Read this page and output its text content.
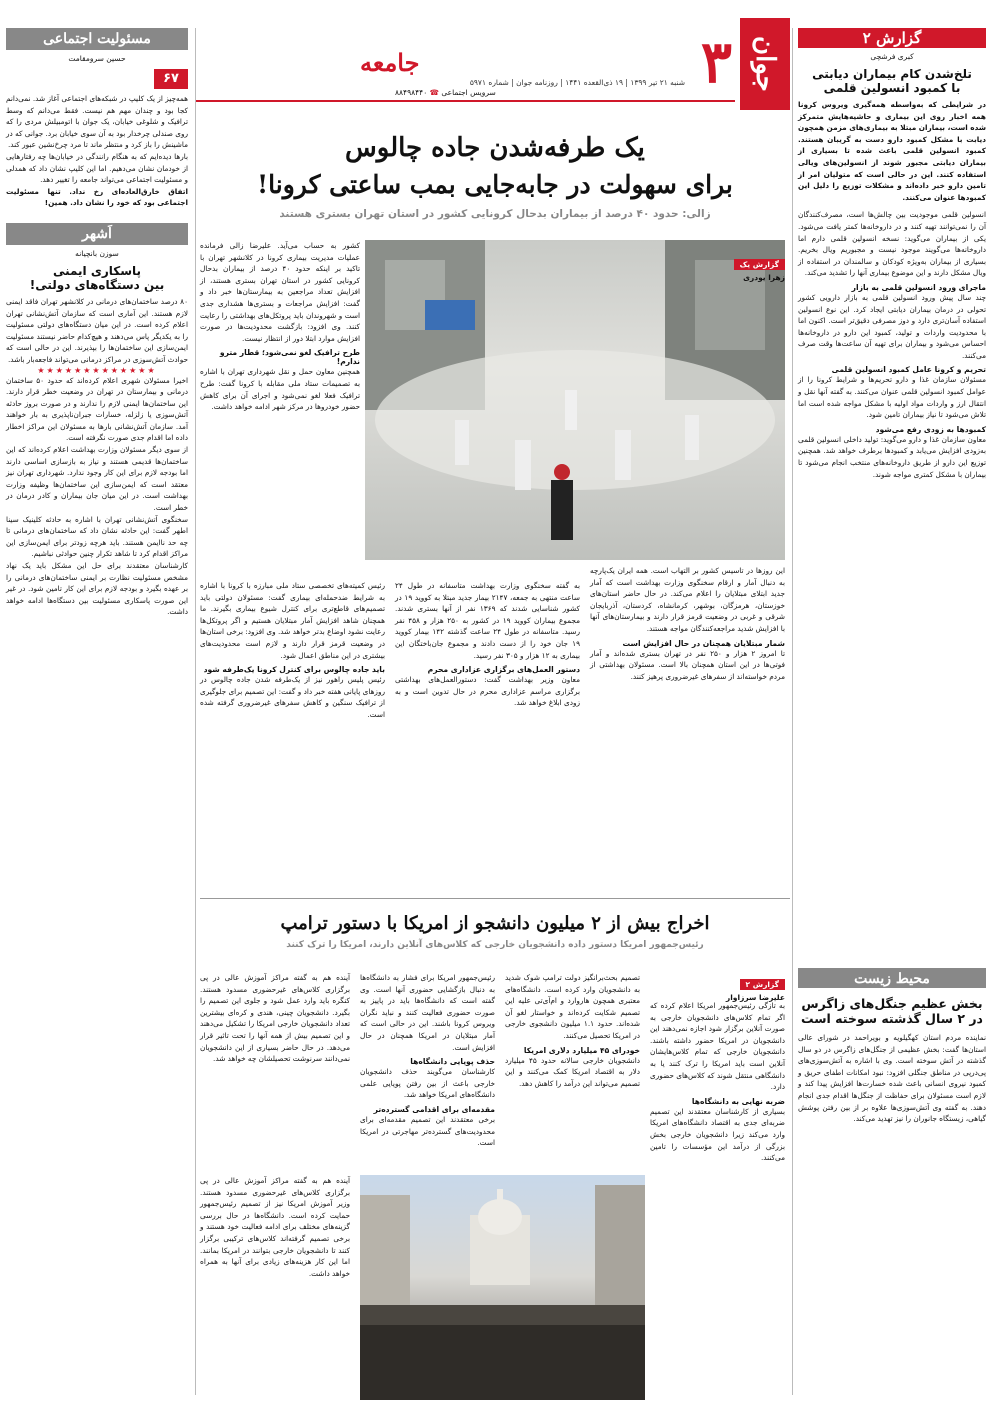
جوان
۳
جامعه
سرویس اجتماعی ☎ ۸۸۴۹۸۴۴۰
شنبه ۲۱ تیر ۱۳۹۹ | ۱۹ ذی‌القعده ۱۴۴۱ | روزنامه جوان | شماره ۵۹۷۱
یک طرفه‌شدن جاده چالوس
برای سهولت در جابه‌جایی بمب ساعتی کرونا!
زالی: حدود ۴۰ درصد از بیماران بدحال کرونایی کشور در استان تهران بستری هستند
گزارش یک
زهرا یودری

کشور به حساب می‌آید. علیرضا زالی فرمانده عملیات مدیریت بیماری کرونا در کلانشهر تهران با تاکید بر اینکه حدود ۴۰ درصد از بیماران بدحال کرونایی کشور در استان تهران بستری هستند، از افزایش تعداد مراجعین به بیمارستان‌ها خبر داد و گفت: افزایش مراجعات و بستری‌ها هشداری جدی است و شهروندان باید پروتکل‌های بهداشتی را رعایت کنند. وی افزود: بازگشت محدودیت‌ها در صورت افزایش موارد ابتلا دور از انتظار نیست.

طرح ترافیک لغو نمی‌شود؛ قطار مترو ندارم!

همچنین معاون حمل و نقل شهرداری تهران با اشاره به تصمیمات ستاد ملی مقابله با کرونا گفت: طرح ترافیک فعلا لغو نمی‌شود و اجرای آن برای کاهش حضور خودروها در مرکز شهر ادامه خواهد داشت.

رئیس کمیته‌های تخصصی ستاد ملی مبارزه با کرونا با اشاره به شرایط ضدحمله‌ای بیماری گفت: مسئولان دولتی باید تصمیم‌های قاطع‌تری برای کنترل شیوع بیماری بگیرند. ما همچنان شاهد افزایش آمار مبتلایان هستیم و اگر پروتکل‌ها رعایت نشود اوضاع بدتر خواهد شد. وی افزود: برخی استان‌ها در وضعیت قرمز قرار دارند و لازم است محدودیت‌های بیشتری در این مناطق اعمال شود.

باید جاده چالوس برای کنترل کرونا یک‌طرفه شود

رئیس پلیس راهور نیز از یک‌طرفه شدن جاده چالوس در روزهای پایانی هفته خبر داد و گفت: این تصمیم برای جلوگیری از ترافیک سنگین و کاهش سفرهای غیرضروری گرفته شده است.

به گفته سخنگوی وزارت بهداشت متاسفانه در طول ۲۴ ساعت منتهی به جمعه، ۲۱۴۷ بیمار جدید مبتلا به کووید ۱۹ در کشور شناسایی شدند که ۱۳۶۹ نفر از آنها بستری شدند. مجموع بیماران کووید ۱۹ در کشور به ۲۵۰ هزار و ۴۵۸ نفر رسید. متاسفانه در طول ۲۴ ساعت گذشته ۱۴۲ بیمار کووید ۱۹ جان خود را از دست دادند و مجموع جان‌باختگان این بیماری به ۱۲ هزار و ۳۰۵ نفر رسید.

دستور العمل‌های برگزاری عزاداری محرم

معاون وزیر بهداشت گفت: دستورالعمل‌های بهداشتی برگزاری مراسم عزاداری محرم در حال تدوین است و به زودی ابلاغ خواهد شد.

این روزها در تاسیس کشور بر التهاب است. همه ایران یک‌پارچه به دنبال آمار و ارقام سخنگوی وزارت بهداشت است که آمار جدید ابتلای مبتلایان را اعلام می‌کند. در حال حاضر استان‌های خوزستان، هرمزگان، بوشهر، کرمانشاه، کردستان، آذربایجان شرقی و غربی در وضعیت قرمز قرار دارند و بیمارستان‌های آنها با افزایش شدید مراجعه‌کنندگان مواجه هستند.

شمار مبتلایان همچنان در حال افزایش است

تا امروز ۲ هزار و ۲۵۰ نفر در تهران بستری شده‌اند و آمار فوتی‌ها در این استان همچنان بالا است. مسئولان بهداشتی از مردم خواسته‌اند از سفرهای غیرضروری پرهیز کنند.

اخراج بیش از ۲ میلیون دانشجو از امریکا با دستور ترامپ
رئیس‌جمهور امریکا دستور داده دانشجویان خارجی که کلاس‌های آنلاین دارند، امریکا را ترک کنند
گزارش ۲
علیرضا سرزاوار

به تازگی رئیس‌جمهور امریکا اعلام کرده که اگر تمام کلاس‌های دانشجویان خارجی به صورت آنلاین برگزار شود اجازه نمی‌دهند این دانشجویان در امریکا حضور داشته باشند. دانشجویان خارجی که تمام کلاس‌هایشان آنلاین است باید امریکا را ترک کنند یا به دانشگاهی منتقل شوند که کلاس‌های حضوری دارد.

ضربه نهایی به دانشگاه‌ها

بسیاری از کارشناسان معتقدند این تصمیم ضربه‌ای جدی به اقتصاد دانشگاه‌های امریکا وارد می‌کند زیرا دانشجویان خارجی بخش بزرگی از درآمد این مؤسسات را تامین می‌کنند.

تصمیم بحث‌برانگیز دولت ترامپ شوک شدید به دانشجویان وارد کرده است. دانشگاه‌های معتبری همچون هاروارد و ام‌آی‌تی علیه این تصمیم شکایت کرده‌اند و خواستار لغو آن شده‌اند. حدود ۱.۱ میلیون دانشجوی خارجی در امریکا تحصیل می‌کنند.

خودرای ۴۵ میلیارد دلاری امریکا

دانشجویان خارجی سالانه حدود ۴۵ میلیارد دلار به اقتصاد امریکا کمک می‌کنند و این تصمیم می‌تواند این درآمد را کاهش دهد.

رئیس‌جمهور امریکا برای فشار به دانشگاه‌ها به دنبال بازگشایی حضوری آنها است. وی گفته است که دانشگاه‌ها باید در پاییز به صورت حضوری فعالیت کنند و نباید نگران ویروس کرونا باشند. این در حالی است که آمار مبتلایان در امریکا همچنان در حال افزایش است.

حذف پویایی دانشگاه‌ها

کارشناسان می‌گویند حذف دانشجویان خارجی باعث از بین رفتن پویایی علمی دانشگاه‌های امریکا خواهد شد.

مقدمه‌ای برای اقدامی گسترده‌تر

برخی معتقدند این تصمیم مقدمه‌ای برای محدودیت‌های گسترده‌تر مهاجرتی در امریکا است.

آینده هم به گفته مراکز آموزش عالی در پی برگزاری کلاس‌های غیرحضوری مسدود هستند. کنگره باید وارد عمل شود و جلوی این تصمیم را بگیرد. دانشجویان چینی، هندی و کره‌ای بیشترین تعداد دانشجویان خارجی امریکا را تشکیل می‌دهند و این تصمیم بیش از همه آنها را تحت تاثیر قرار می‌دهد. در حال حاضر بسیاری از این دانشجویان نمی‌دانند سرنوشت تحصیلشان چه خواهد شد.

آینده هم به گفته مراکز آموزش عالی در پی برگزاری کلاس‌های غیرحضوری مسدود هستند. وزیر آموزش امریکا نیز از تصمیم رئیس‌جمهور حمایت کرده است. دانشگاه‌ها در حال بررسی گزینه‌های مختلف برای ادامه فعالیت خود هستند و برخی تصمیم گرفته‌اند کلاس‌های ترکیبی برگزار کنند تا دانشجویان خارجی بتوانند در امریکا بمانند. اما این کار هزینه‌های زیادی برای آنها به همراه خواهد داشت.

گزارش ۲
کبری فرشچی
تلخ‌شدن کام بیماران دیابتی
با کمبود انسولین قلمی

در شرایطی که به‌واسطه همه‌گیری ویروس کرونا همه اخبار روی این بیماری و حاشیه‌هایش متمرکز شده است، بیماران مبتلا به بیماری‌های مزمن همچون دیابت با مشکل کمبود دارو دست به گریبان هستند. کمبود انسولین قلمی باعث شده تا بسیاری از بیماران دیابتی مجبور شوند از انسولین‌های ویالی استفاده کنند. این در حالی است که متولیان امر از تامین دارو خبر داده‌اند و مشکلات توزیع را دلیل این کمبودها عنوان می‌کنند.

انسولین قلمی موجودیت بین چالش‌ها است، مصرف‌کنندگان آن را نمی‌توانند تهیه کنند و در داروخانه‌ها کمتر یافت می‌شود. یکی از بیماران می‌گوید: نسخه انسولین قلمی دارم اما داروخانه‌ها می‌گویند موجود نیست و مجبوریم ویال بخریم. بسیاری از بیماران به‌ویژه کودکان و سالمندان در استفاده از ویال مشکل دارند و این موضوع بیماری آنها را تشدید می‌کند.

ماجرای ورود انسولین قلمی به بازار

چند سال پیش ورود انسولین قلمی به بازار دارویی کشور تحولی در درمان بیماران دیابتی ایجاد کرد. این نوع انسولین استفاده آسان‌تری دارد و دوز مصرفی دقیق‌تر است. اکنون اما با محدودیت واردات و تولید، کمبود این دارو در داروخانه‌ها احساس می‌شود و بیماران برای تهیه آن ساعت‌ها وقت صرف می‌کنند.

تحریم و کرونا عامل کمبود انسولین قلمی

مسئولان سازمان غذا و دارو تحریم‌ها و شرایط کرونا را از عوامل کمبود انسولین قلمی عنوان می‌کنند. به گفته آنها نقل و انتقال ارز و واردات مواد اولیه با مشکل مواجه شده است اما تلاش می‌شود تا نیاز بیماران تامین شود.

کمبودها به زودی رفع می‌شود

معاون سازمان غذا و دارو می‌گوید: تولید داخلی انسولین قلمی به‌زودی افزایش می‌یابد و کمبودها برطرف خواهد شد. همچنین توزیع این دارو از طریق داروخانه‌های منتخب انجام می‌شود تا بیماران با مشکل کمتری مواجه شوند.

محیط زیست
بخش عظیم جنگل‌های زاگرس
در ۲ سال گذشته سوخته است

نماینده مردم استان کهگیلویه و بویراحمد در شورای عالی استان‌ها گفت: بخش عظیمی از جنگل‌های زاگرس در دو سال گذشته در آتش سوخته است. وی با اشاره به آتش‌سوزی‌های پی‌درپی در مناطق جنگلی افزود: نبود امکانات اطفای حریق و کمبود نیروی انسانی باعث شده خسارت‌ها افزایش پیدا کند و لازم است مسئولان برای حفاظت از جنگل‌ها اقدام جدی انجام دهند. به گفته وی آتش‌سوزی‌ها علاوه بر از بین رفتن پوشش گیاهی، زیستگاه جانوران را نیز تهدید می‌کند.

مسئولیت اجتماعی
حسین سرومقامت
۶۷

همه‌چیز از یک کلیپ در شبکه‌های اجتماعی آغاز شد. نمی‌دانم کجا بود و چندان مهم هم نیست. فقط می‌دانم که وسط ترافیک و شلوغی خیابان، یک جوان با اتومبیلش مردی را که روی صندلی چرخدار بود به آن سوی خیابان برد. جوانی که در ماشینش را باز کرد و منتظر ماند تا مرد چرخ‌نشین عبور کند.

بارها دیده‌ایم که به هنگام رانندگی در خیابان‌ها چه رفتارهایی از خودمان نشان می‌دهیم. اما این کلیپ نشان داد که همدلی و مسئولیت اجتماعی می‌تواند جامعه را تغییر دهد.

اتفاق خارق‌العاده‌ای رخ نداد. تنها مسئولیت اجتماعی بود که خود را نشان داد. همین!

اَشهر
سوزن بانچیانه
پاسکاری ایمنی
بین دستگاه‌های دولتی!

۸۰ درصد ساختمان‌های درمانی در کلانشهر تهران فاقد ایمنی لازم هستند. این آماری است که سازمان آتش‌نشانی تهران اعلام کرده است. در این میان دستگاه‌های دولتی مسئولیت را به یکدیگر پاس می‌دهند و هیچ‌کدام حاضر نیستند مسئولیت ایمن‌سازی این ساختمان‌ها را بپذیرند. این در حالی است که حوادث آتش‌سوزی در مراکز درمانی می‌تواند فاجعه‌بار باشد.

★★★★★★★★★★★★★

اخیرا مسئولان شهری اعلام کرده‌اند که حدود ۵۰ ساختمان درمانی و بیمارستان در تهران در وضعیت خطر قرار دارند. این ساختمان‌ها ایمنی لازم را ندارند و در صورت بروز حادثه آتش‌سوزی یا زلزله، خسارات جبران‌ناپذیری به بار خواهند آمد. سازمان آتش‌نشانی بارها به مسئولان این مراکز اخطار داده اما اقدام جدی صورت نگرفته است.

از سوی دیگر مسئولان وزارت بهداشت اعلام کرده‌اند که این ساختمان‌ها قدیمی هستند و نیاز به بازسازی اساسی دارند اما بودجه لازم برای این کار وجود ندارد. شهرداری تهران نیز معتقد است که ایمن‌سازی این ساختمان‌ها وظیفه وزارت بهداشت است. در این میان جان بیماران و کادر درمان در خطر است.

سخنگوی آتش‌نشانی تهران با اشاره به حادثه کلینیک سینا اطهر گفت: این حادثه نشان داد که ساختمان‌های درمانی تا چه حد ناایمن هستند. باید هرچه زودتر برای ایمن‌سازی این مراکز اقدام کرد تا شاهد تکرار چنین حوادثی نباشیم.

کارشناسان معتقدند برای حل این مشکل باید یک نهاد مشخص مسئولیت نظارت بر ایمنی ساختمان‌های درمانی را بر عهده بگیرد و بودجه لازم برای این کار تامین شود. در غیر این صورت پاسکاری مسئولیت بین دستگاه‌ها ادامه خواهد داشت.
